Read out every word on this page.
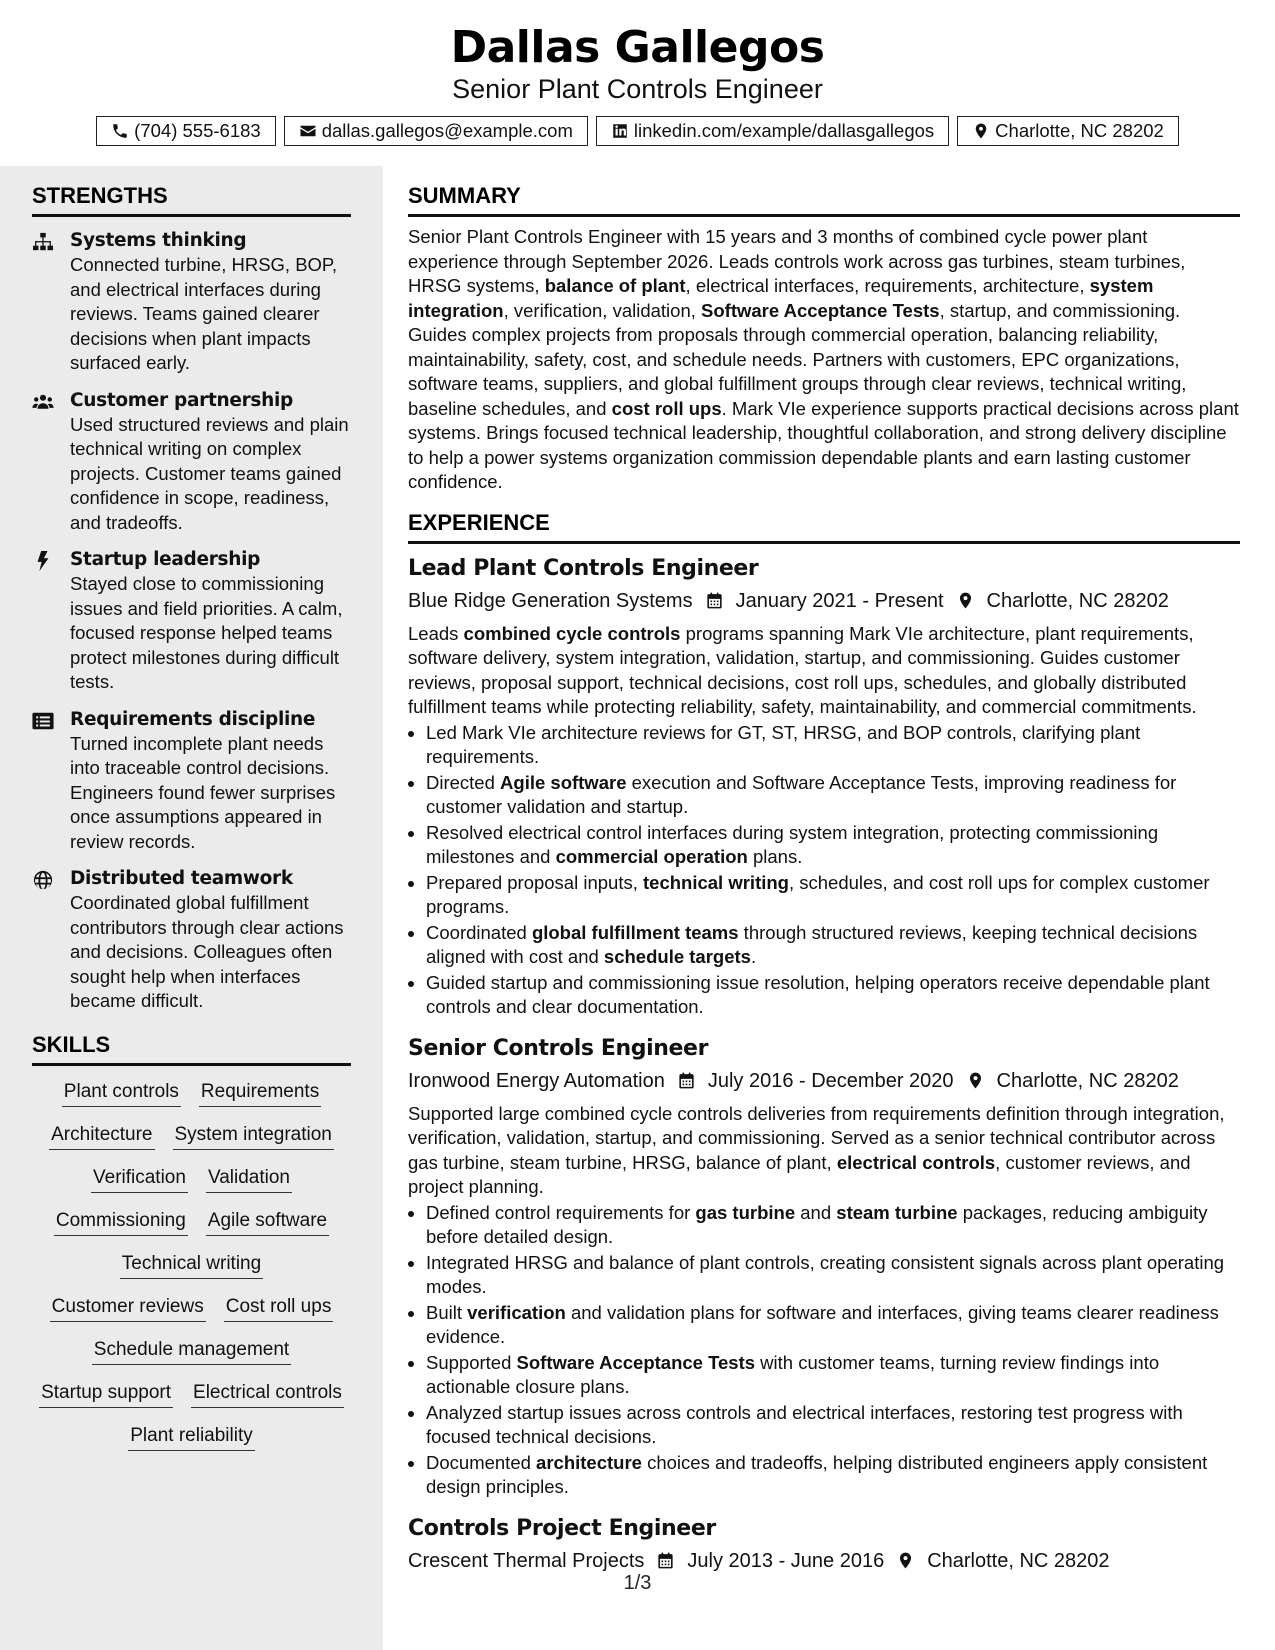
Dallas Gallegos
Senior Plant Controls Engineer
(704) 555-6183	dallas.gallegos@example.com	linkedin.com/example/dallasgallegos	Charlotte, NC 28202
STRENGTHS
Systems thinking
Connected turbine, HRSG, BOP, and electrical interfaces during reviews. Teams gained clearer decisions when plant impacts surfaced early.
Customer partnership
Used structured reviews and plain technical writing on complex projects. Customer teams gained confidence in scope, readiness, and tradeoffs.
Startup leadership
Stayed close to commissioning issues and field priorities. A calm, focused response helped teams protect milestones during difficult tests.
Requirements discipline
Turned incomplete plant needs into traceable control decisions. Engineers found fewer surprises once assumptions appeared in review records.
Distributed teamwork
Coordinated global fulfillment contributors through clear actions and decisions. Colleagues often sought help when interfaces became difficult.
SKILLS
Plant controls Requirements
Architecture System integration
Verification Validation
Commissioning Agile software
Technical writing
Customer reviews Cost roll ups
Schedule management
Startup support Electrical controls
Plant reliability
SUMMARY
Senior Plant Controls Engineer with 15 years and 3 months of combined cycle power plant experience through September 2026. Leads controls work across gas turbines, steam turbines, HRSG systems, balance of plant, electrical interfaces, requirements, architecture, system integration, verification, validation, Software Acceptance Tests, startup, and commissioning. Guides complex projects from proposals through commercial operation, balancing reliability, maintainability, safety, cost, and schedule needs. Partners with customers, EPC organizations, software teams, suppliers, and global fulfillment groups through clear reviews, technical writing, baseline schedules, and cost roll ups. Mark VIe experience supports practical decisions across plant systems. Brings focused technical leadership, thoughtful collaboration, and strong delivery discipline to help a power systems organization commission dependable plants and earn lasting customer confidence.
EXPERIENCE
Lead Plant Controls Engineer
Blue Ridge Generation Systems January 2021 - Present Charlotte, NC 28202
Leads combined cycle controls programs spanning Mark VIe architecture, plant requirements, software delivery, system integration, validation, startup, and commissioning. Guides customer reviews, proposal support, technical decisions, cost roll ups, schedules, and globally distributed fulfillment teams while protecting reliability, safety, maintainability, and commercial commitments.
• Led Mark VIe architecture reviews for GT, ST, HRSG, and BOP controls, clarifying plant requirements.
• Directed Agile software execution and Software Acceptance Tests, improving readiness for customer validation and startup.
• Resolved electrical control interfaces during system integration, protecting commissioning milestones and commercial operation plans.
• Prepared proposal inputs, technical writing, schedules, and cost roll ups for complex customer programs.
• Coordinated global fulfillment teams through structured reviews, keeping technical decisions aligned with cost and schedule targets.
• Guided startup and commissioning issue resolution, helping operators receive dependable plant controls and clear documentation.
Senior Controls Engineer
Ironwood Energy Automation July 2016 - December 2020 Charlotte, NC 28202
Supported large combined cycle controls deliveries from requirements definition through integration, verification, validation, startup, and commissioning. Served as a senior technical contributor across gas turbine, steam turbine, HRSG, balance of plant, electrical controls, customer reviews, and project planning.
• Defined control requirements for gas turbine and steam turbine packages, reducing ambiguity before detailed design.
• Integrated HRSG and balance of plant controls, creating consistent signals across plant operating modes.
• Built verification and validation plans for software and interfaces, giving teams clearer readiness evidence.
• Supported Software Acceptance Tests with customer teams, turning review findings into actionable closure plans.
• Analyzed startup issues across controls and electrical interfaces, restoring test progress with focused technical decisions.
• Documented architecture choices and tradeoffs, helping distributed engineers apply consistent design principles.
Controls Project Engineer
Crescent Thermal Projects July 2013 - June 2016 Charlotte, NC 28202
1/3
